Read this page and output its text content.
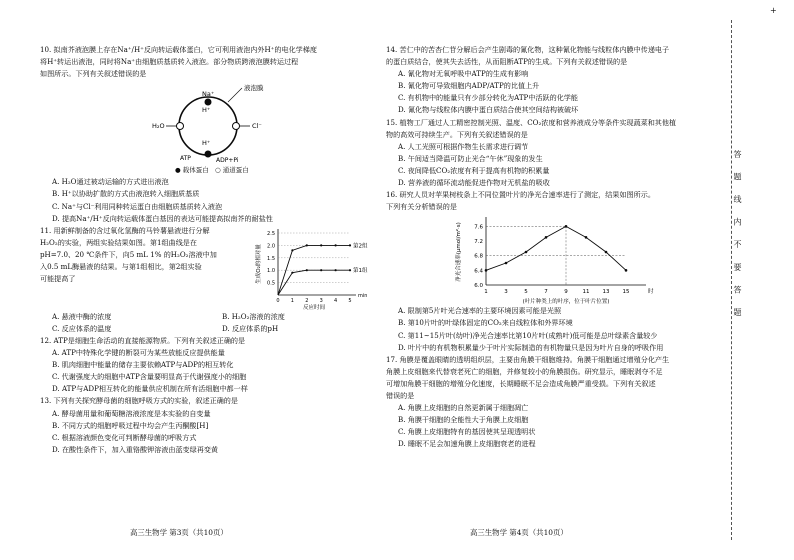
10. 拟南芥液泡膜上存在Na⁺/H⁺反向转运载体蛋白，它可利用液泡内外H⁺的电化学梯度

将H⁺转运出液泡，同时将Na⁺由细胞质基质转入液泡。部分物质跨液泡膜转运过程

如图所示。下列有关叙述错误的是

液泡膜
Na⁺
H⁺
H₂O	Cl⁻
H⁺
ATP	ADP+Pi

● 载体蛋白 ○ 通道蛋白

A. H₂O通过被动运输的方式进出液泡

B. H⁺以协助扩散的方式由液泡转入细胞质基质

C. Na⁺与Cl⁻利用同种转运蛋白由细胞质基质转入液泡

D. 提高Na⁺/H⁺反向转运载体蛋白基因的表达可能提高拟南芥的耐盐性

11. 用新鲜制备的含过氧化氢酶的马铃薯悬液进行分解

H₂O₂的实验，两组实验结果如图。第1组曲线是在

pH=7.0、20 ℃条件下，向5 mL 1% 的H₂O₂溶液中加

入0.5 mL酶悬液的结果。与第1组相比，第2组实验

可能提高了

0.5
1.0
1.5
2.0
2.5
0 1 2 3 4 5
min
反应时间
生成O₂的相对量	第2组
第1组

A. 悬液中酶的浓度	B. H₂O₂溶液的浓度

C. 反应体系的温度	D. 反应体系的pH

12. ATP是细胞生命活动的直接能源物质。下列有关叙述正确的是

A. ATP中特殊化学键的断裂可为某些放能反应提供能量

B. 肌肉细胞中能量的储存主要依赖ATP与ADP的相互转化

C. 代谢强度大的细胞中ATP含量要明显高于代谢强度小的细胞

D. ATP与ADP相互转化的能量供应机制在所有活细胞中都一样

13. 下列有关探究酵母菌的细胞呼吸方式的实验，叙述正确的是

A. 酵母菌用量和葡萄糖溶液浓度是本实验的自变量

B. 不同方式的细胞呼吸过程中均会产生丙酮酸[H]

C. 根据溶液颜色变化可判断酵母菌的呼吸方式

D. 在酸性条件下，加入重铬酸钾溶液由蓝变绿再变黄

14. 苦仁中的苦杏仁苷分解后会产生剧毒的氰化物，这种氰化物能与线粒体内膜中传递电子

的蛋白质结合，使其失去活性，从而阻断ATP的生成。下列有关叙述错误的是

A. 氰化物对无氧呼吸中ATP的生成有影响

B. 氰化物可导致细胞内ADP/ATP的比值上升

C. 有机物中的能量只有少部分转化为ATP中活跃的化学能

D. 氰化物与线粒体内膜中蛋白质结合使其空间结构被破坏

15. 植物工厂通过人工精密控制光照、温度、CO₂浓度和营养液成分等条件实现蔬菜和其他植

物的高效可持续生产。下列有关叙述错误的是

A. 人工光照可根据作物生长需求进行调节

B. 午间适当降温可防止光合“午休”现象的发生

C. 夜间降低CO₂浓度有利于提高有机物的积累量

D. 营养液的循环流动能促进作物对无机盐的吸收

16. 研究人员对苹果树枝条上不同位置叶片的净光合速率进行了测定，结果如图所示。

下列有关分析错误的是

6.0
6.4
6.8
7.2
7.6
1	3	5	7	9	11 13 15	时
(叶片种类上的叶序，位于叶片位置)
净光合速率(μmol/m²·s)

A. 限制第5片叶光合速率的主要环境因素可能是光照

B. 第10片叶的叶绿体固定的CO₂来自线粒体和外界环境

C. 第11~15片叶(幼叶)净光合速率比第10片叶(成熟叶)低可能是总叶绿素含量较少

D. 叶片中的有机物积累量少于叶片实际制造的有机物量只是因为叶片自身的呼吸作用

17. 角膜是覆盖眼睛的透明组织层，主要由角膜干细胞维持。角膜干细胞通过增殖分化产生

角膜上皮细胞来代替衰老死亡的细胞，并修复较小的角膜损伤。研究显示，睡眠剥夺不足

可增加角膜干细胞的增殖分化速度，长期睡眠不足会造成角膜严重受损。下列有关叙述

错误的是

A. 角膜上皮细胞的自然更新属于细胞凋亡

B. 角膜干细胞的全能性大于角膜上皮细胞

C. 角膜上皮细胞特有的基因使其呈现透明状

D. 睡眠不足会加速角膜上皮细胞衰老的进程

高三生物学 第3页（共10页）	高三生物学 第4页（共10页）
答 题 线 内 不 要 答 题
+
